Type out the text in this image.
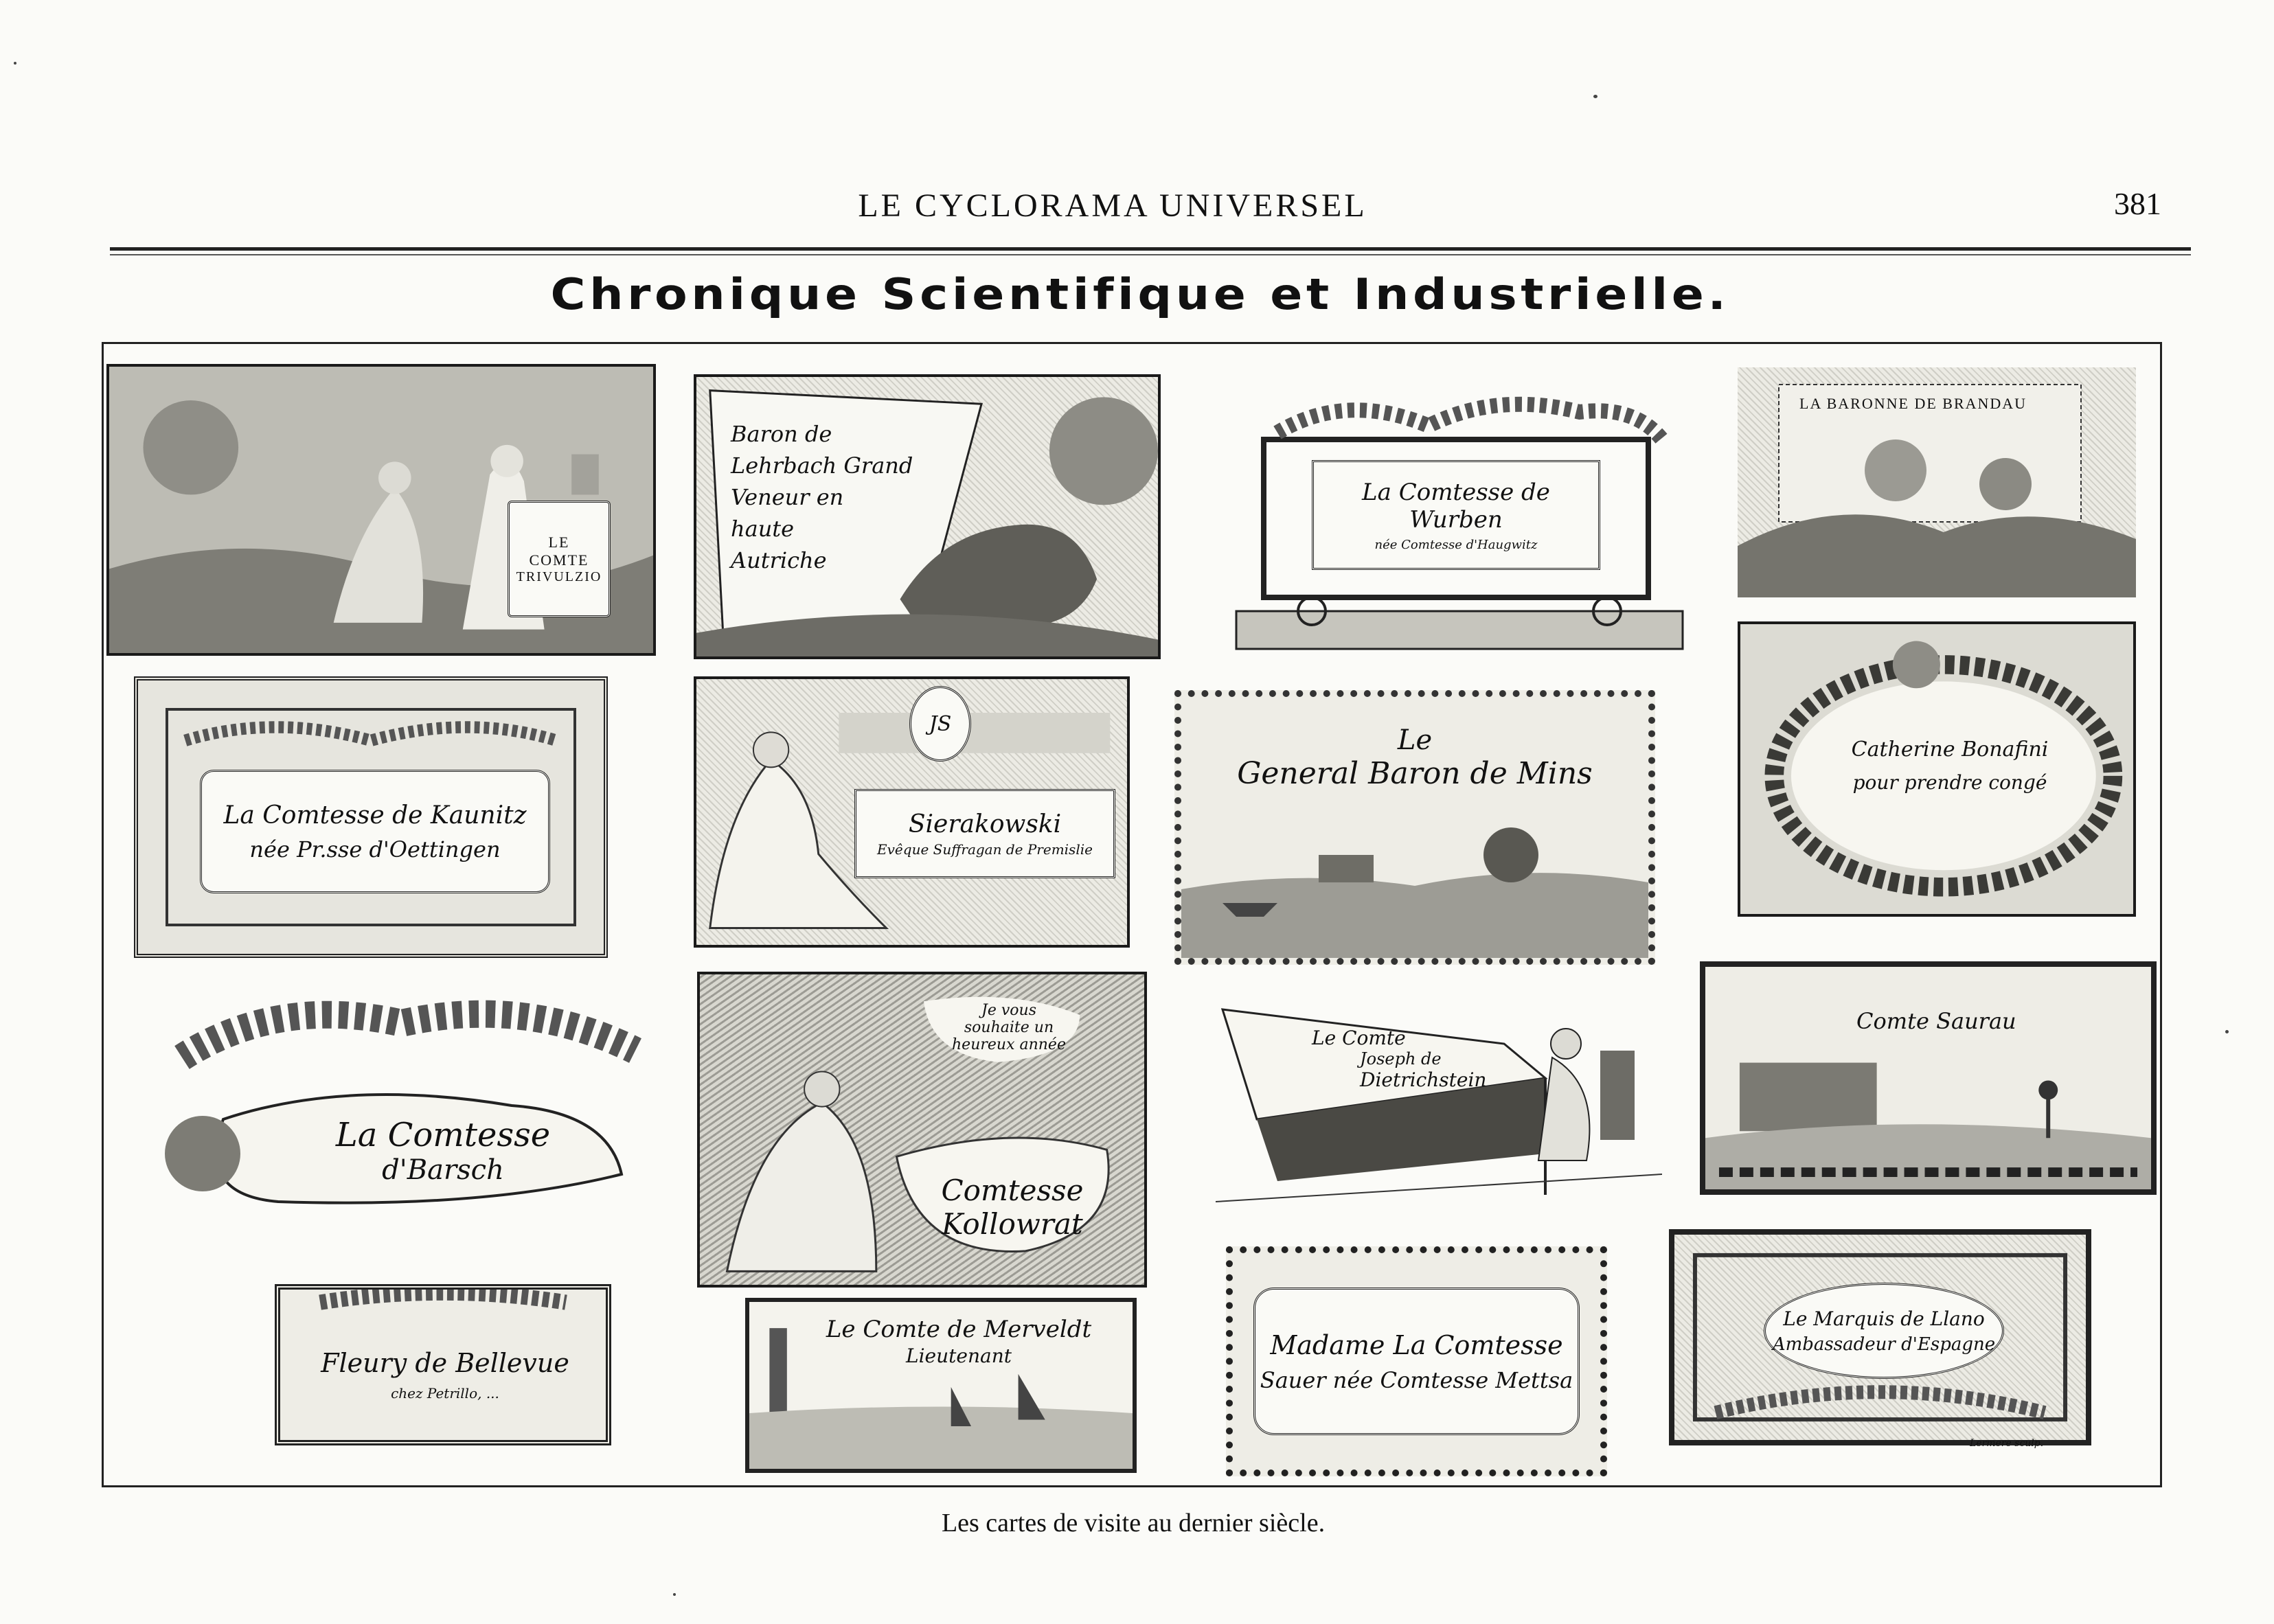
LE CYCLORAMA UNIVERSEL	381
Chronique Scientifique et Industrielle.
LE
COMTE
TRIVULZIO
Baron de
Lehrbach Grand
Veneur en
haute
Autriche
La Comtesse de Wurben
née Comtesse d'Haugwitz
LA BARONNE DE BRANDAU
La Comtesse de Kaunitz
née Pr.sse d'Oettingen
JS
Sierakowski
Evêque Suffragan de Premislie
Le
General Baron de Mins
Catherine Bonafini
pour prendre congé
La Comtesse
d'Barsch
Je vous
souhaite un
heureux année
Comtesse
Kollowrat
Le Comte
Joseph de
Dietrichstein
Comte Saurau
Fleury de Bellevue
chez Petrillo, ...
Le Comte de Merveldt
Lieutenant	Madame La Comtesse
Sauer née Comtesse Mettsa
Le Marquis de Llano
Ambassadeur d'Espagne
Lermere sculp.
Les cartes de visite au dernier siècle.
